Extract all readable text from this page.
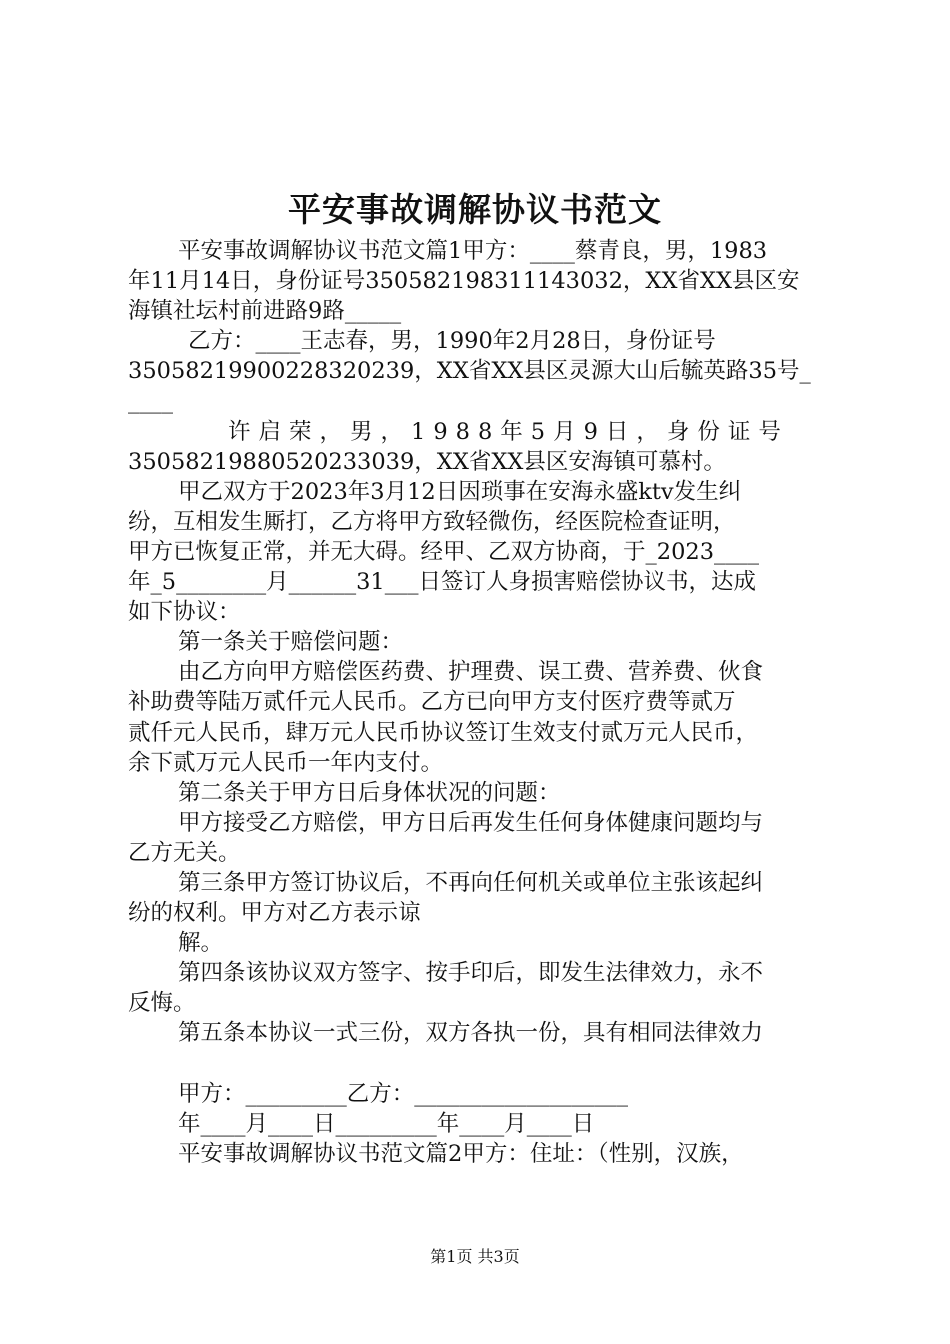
平安事故调解协议书范文
平安事故调解协议书范文篇1甲方：____蔡青良，男，1983
年11月14日，身份证号350582198311143032，XX省XX县区安
海镇社坛村前进路9路_____
乙方：____王志春，男，1990年2月28日，身份证号
350582199002283202​39，XX省XX县区灵源大山后毓英路35号_
____
许启荣，男，1988年5月9日，身份证号
350582198805202330​39，XX省XX县区安海镇可慕村。
甲乙双方于2023年3月12日因琐事在安海永盛ktv发生纠
纷，互相发生厮打，乙方将甲方致轻微伤，经医院检查证明，
甲方已恢复正常，并无大碍。经甲、乙双方协商，于_2023____
年_5________月______31___日签订人身损害赔偿协议书，达成
如下协议：
第一条关于赔偿问题：
由乙方向甲方赔偿医药费、护理费、误工费、营养费、伙食
补助费等陆万贰仟元人民币。乙方已向甲方支付医疗费等贰万
贰仟元人民币，肆万元人民币协议签订生效支付贰万元人民币，
余下贰万元人民币一年内支付。
第二条关于甲方日后身体状况的问题：
甲方接受乙方赔偿，甲方日后再发生任何身体健康问题均与
乙方无关。
第三条甲方签订协议后，不再向任何机关或单位主张该起纠
纷的权利。甲方对乙方表示谅
解。
第四条该协议双方签字、按手印后，即发生法律效力，永不
反悔。
第五条本协议一式三份，双方各执一份，具有相同法律效力
甲方：_________乙方：___________________
年____月____日_________年____月____日
平安事故调解协议书范文篇2甲方：住址：（性别，汉族，
第1页 共3页
